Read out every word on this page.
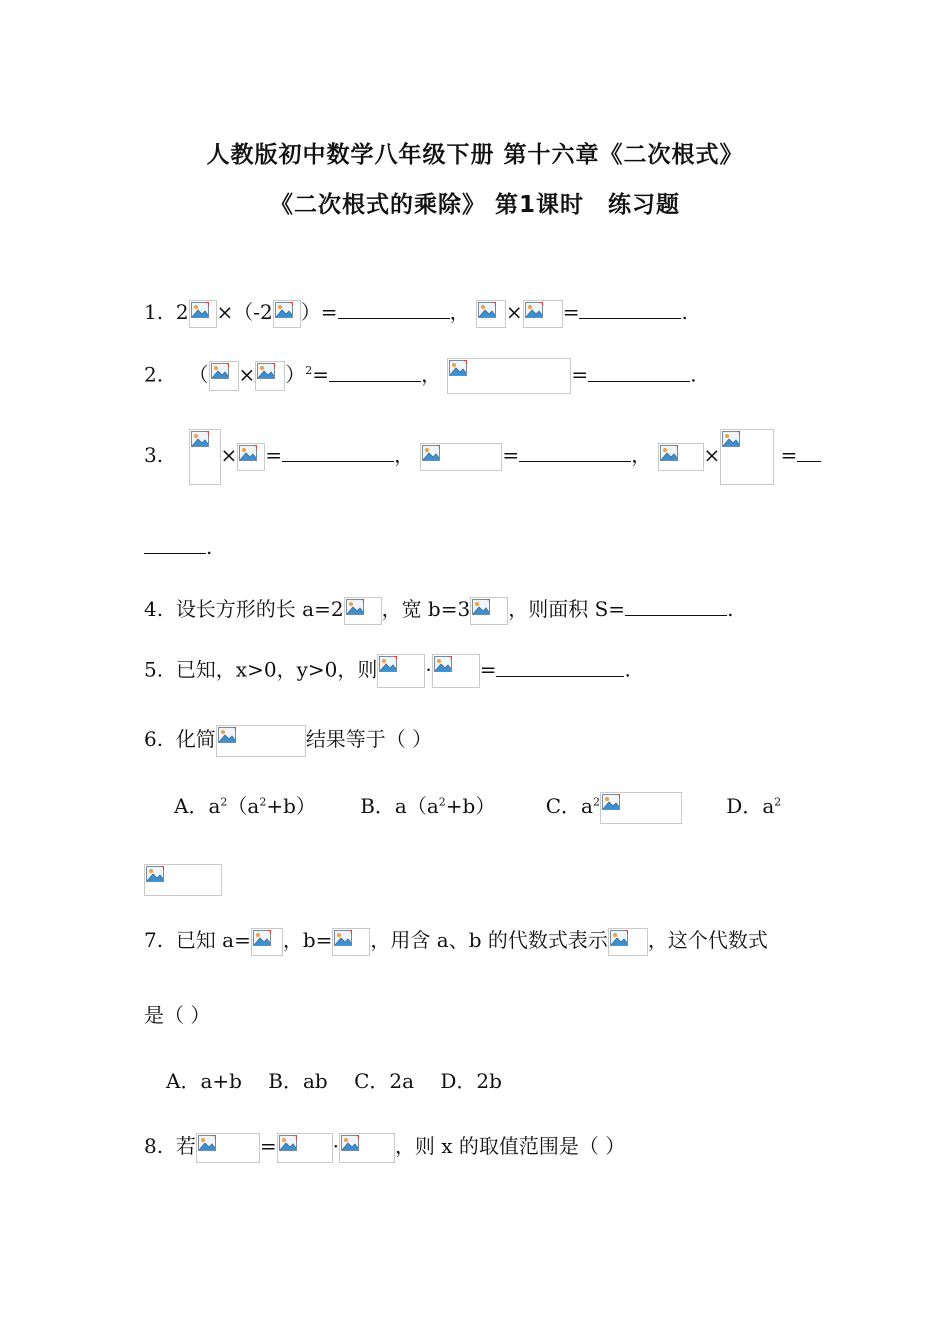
人教版初中数学八年级下册 第十六章《二次根式》
《二次根式的乘除》 第1课时　练习题
1. 2 ×（-2 ）=	， × =	.
2. （ × ）$^2$=	，	=	.
3.	× =	，	=	，	×	=
.
4. 设长方形的长 a=2 ，宽 b=3 ，则面积 S=	.
5. 已知，x>0，y>0，则 · =	.
6. 化简	结果等于（ ）
A．$a^2(a^2+b)$ B．$a(a^2+b)$	C．$a^2$	D．$a^2$
7. 已知 a= ，b= ，用含 a、b 的代数式表示 ，这个代数式
是（ ）
A．a+b　 B．ab　 C．2a　 D．2b
8. 若	=	·	，则 x 的取值范围是（ ）
